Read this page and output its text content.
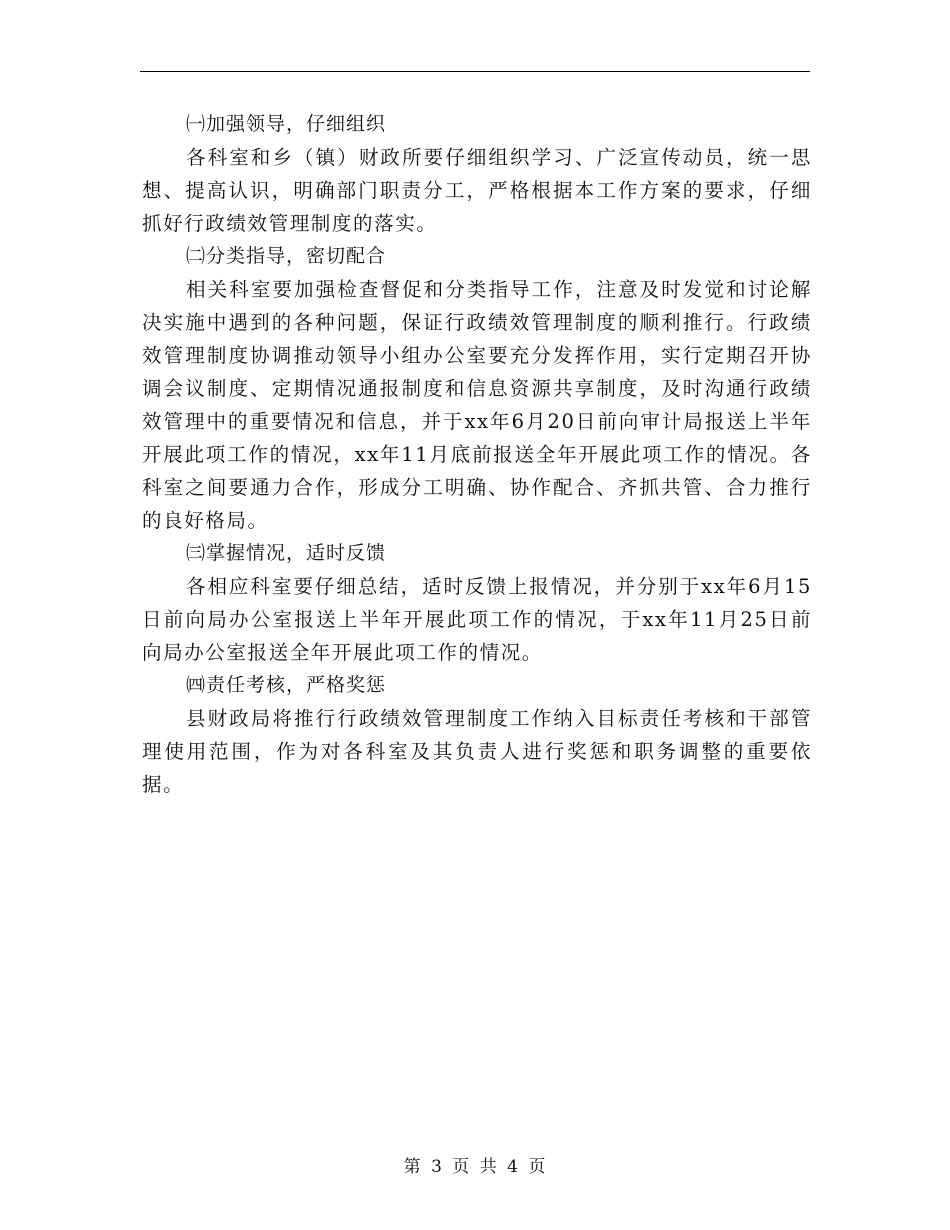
㈠加强领导，仔细组织

各科室和乡（镇）财政所要仔细组织学习、广泛宣传动员，统一思想、提高认识，明确部门职责分工，严格根据本工作方案的要求，仔细抓好行政绩效管理制度的落实。

㈡分类指导，密切配合

相关科室要加强检查督促和分类指导工作，注意及时发觉和讨论解决实施中遇到的各种问题，保证行政绩效管理制度的顺利推行。行政绩效管理制度协调推动领导小组办公室要充分发挥作用，实行定期召开协调会议制度、定期情况通报制度和信息资源共享制度，及时沟通行政绩效管理中的重要情况和信息，并于xx年6月20日前向审计局报送上半年开展此项工作的情况，xx年11月底前报送全年开展此项工作的情况。各科室之间要通力合作，形成分工明确、协作配合、齐抓共管、合力推行的良好格局。

㈢掌握情况，适时反馈

各相应科室要仔细总结，适时反馈上报情况，并分别于xx年6月15日前向局办公室报送上半年开展此项工作的情况，于xx年11月25日前向局办公室报送全年开展此项工作的情况。

㈣责任考核，严格奖惩

县财政局将推行行政绩效管理制度工作纳入目标责任考核和干部管理使用范围，作为对各科室及其负责人进行奖惩和职务调整的重要依据。

第 3 页 共 4 页
